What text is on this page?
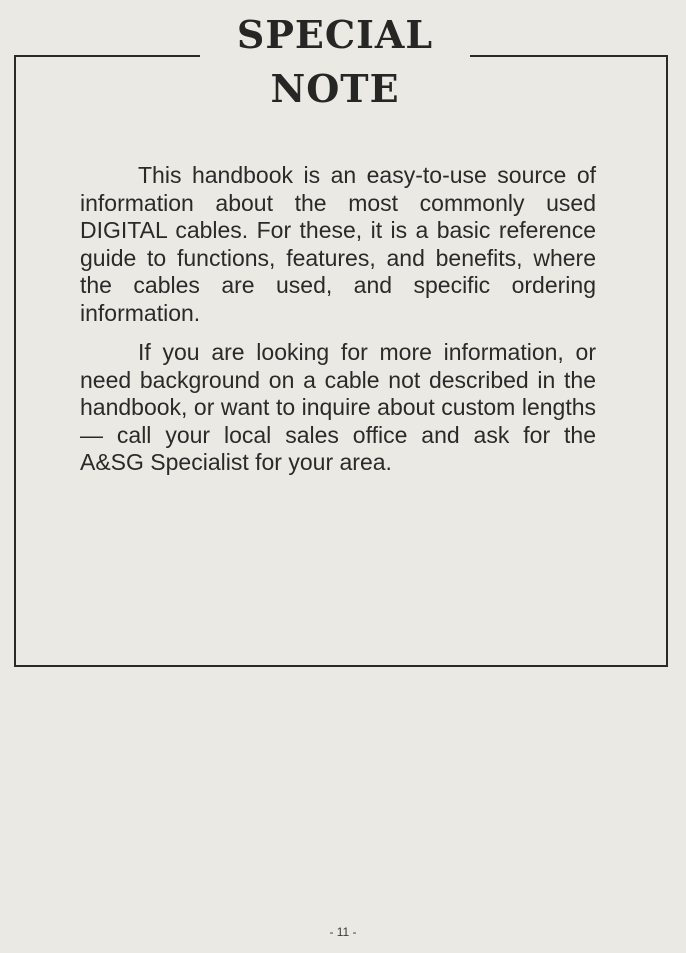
SPECIAL
NOTE

This handbook is an easy-to-use source of information about the most commonly used DIGITAL cables. For these, it is a basic reference guide to functions, features, and benefits, where the cables are used, and specific ordering information.

If you are looking for more information, or need background on a cable not described in the handbook, or want to inquire about custom lengths — call your local sales office and ask for the A&SG Specialist for your area.

- 11 -
